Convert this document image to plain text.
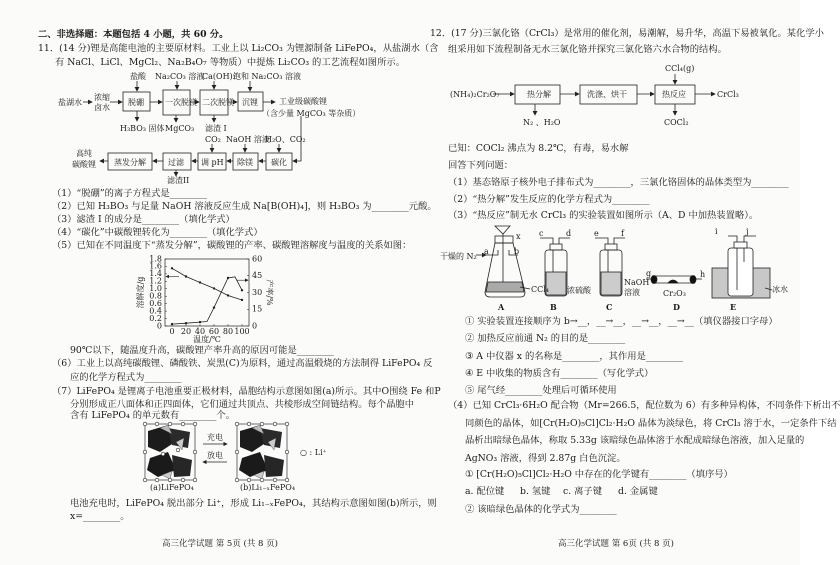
二、非选择题：本题包括 4 小题，共 60 分。
11．(14 分)锂是高能电池的主要原材料。工业上以 Li₂CO₃ 为锂源制备 LiFePO₄，从盐湖水（含
有 NaCl、LiCl、MgCl₂、Na₂B₄O₇ 等物质）中提炼 Li₂CO₃ 的工艺流程如图所示。
（1）“脱硼”的离子方程式是________
（2）已知 H₃BO₃ 与足量 NaOH 溶液反应生成 Na[B(OH)₄]，则 H₃BO₃ 为________元酸。
（3）滤渣 I 的成分是________（填化学式）
（4）“碳化”中碳酸锂转化为________（填化学式）
（5）已知在不同温度下“蒸发分解”，碳酸锂的产率、碳酸锂溶解度与温度的关系如图：
90℃以下，随温度升高，碳酸锂产率升高的原因可能是________
（6）工业上以高纯碳酸锂、磷酸铁、炭黑(C)为原料，通过高温煅烧的方法制得 LiFePO₄ 反
应的化学方程式为________
（7）LiFePO₄ 是锂离子电池重要正极材料，晶胞结构示意图如图(a)所示。其中O围绕 Fe 和P
分别形成正八面体和正四面体，它们通过共顶点、共棱形成空间链结构。每个晶胞中
含有 LiFePO₄ 的单元数有________个。
电池充电时，LiFePO₄ 脱出部分 Li⁺，形成 Li₁₋ₓFePO₄，其结构示意图如图(b)所示，则
x=________。
高三化学试题 第 5页 (共 8 页)
12．(17 分)三氯化铬（CrCl₃）是常用的催化剂，易潮解，易升华，高温下易被氧化。某化学小
组采用如下流程制备无水三氯化铬并探究三氯化铬六水合物的结构。
已知：COCl₂ 沸点为 8.2℃，有毒，易水解
回答下列问题：
（1）基态铬原子核外电子排布式为________，三氯化铬固体的晶体类型为________
（2）“热分解”发生反应的化学方程式为________
（3）“热反应”制无水 CrCl₃ 的实验装置如图所示（A、D 中加热装置略）。
① 实验装置连接顺序为 b→__，__→__，__→__，__→__（填仪器接口字母）
② 加热反应前通 N₂ 的目的是________
③ A 中仪器 x 的名称是________，其作用是________
④ E 中收集的物质含有________（写化学式）
⑤ 尾气经________处理后可循环使用
（4）已知 CrCl₃·6H₂O 配合物（Mr=266.5，配位数为 6）有多种异构体，不同条件下析出不
同颜色的晶体，如[Cr(H₂O)₅Cl]Cl₂·H₂O 晶体为淡绿色，将 CrCl₃ 溶于水，一定条件下结
晶析出暗绿色晶体，称取 5.33g 该暗绿色晶体溶于水配成暗绿色溶液，加入足量的
AgNO₃ 溶液，得到 2.87g 白色沉淀。
① [Cr(H₂O)₅Cl]Cl₂·H₂O 中存在的化学键有________（填序号）
a. 配位键 b. 氢键 c. 离子键 d. 金属键
② 该暗绿色晶体的化学式为________
高三化学试题 第 6页 (共 8 页)
盐湖水
浓缩
卤水
脱硼	一次脱镁 二次脱镁 沉锂
碳化
除镁
调 pH
过滤
蒸发分解
盐酸 Na₂CO₃ 溶液
Ca(OH)₂
饱和 Na₂CO₃ 溶液
CO₂ NaOH 溶液
H₂O、CO₂
H₃BO₃ 固体 MgCO₃ 滤渣 I
滤渣II
工业级碳酸锂
（含少量 MgCO₃ 等杂质）
高纯
碳酸锂
(NH₄)₂Cr₂O₇	热分解	洗涤、烘干	热反应	CrCl₃
CCl₄(g)
N₂ 、H₂O	COCl₂
0
0.2
0.4
0.6
0.8
1.0
1.2
1.4
1.6
1.8
0
15
30
45
60
0 20 40 60 80 100
温度/℃
溶解度/g	产率/%
充电
放电	○ : Li⁺
(a)LiFePO₄	(b)Li₁₋ₓFePO₄
干燥的 N₂
x
a	b
c	d	e	f
g	h
i	j
CCl₄ 浓硫酸
NaOH
溶液	Cr₂O₃	冰水
A	B	C	D	E
